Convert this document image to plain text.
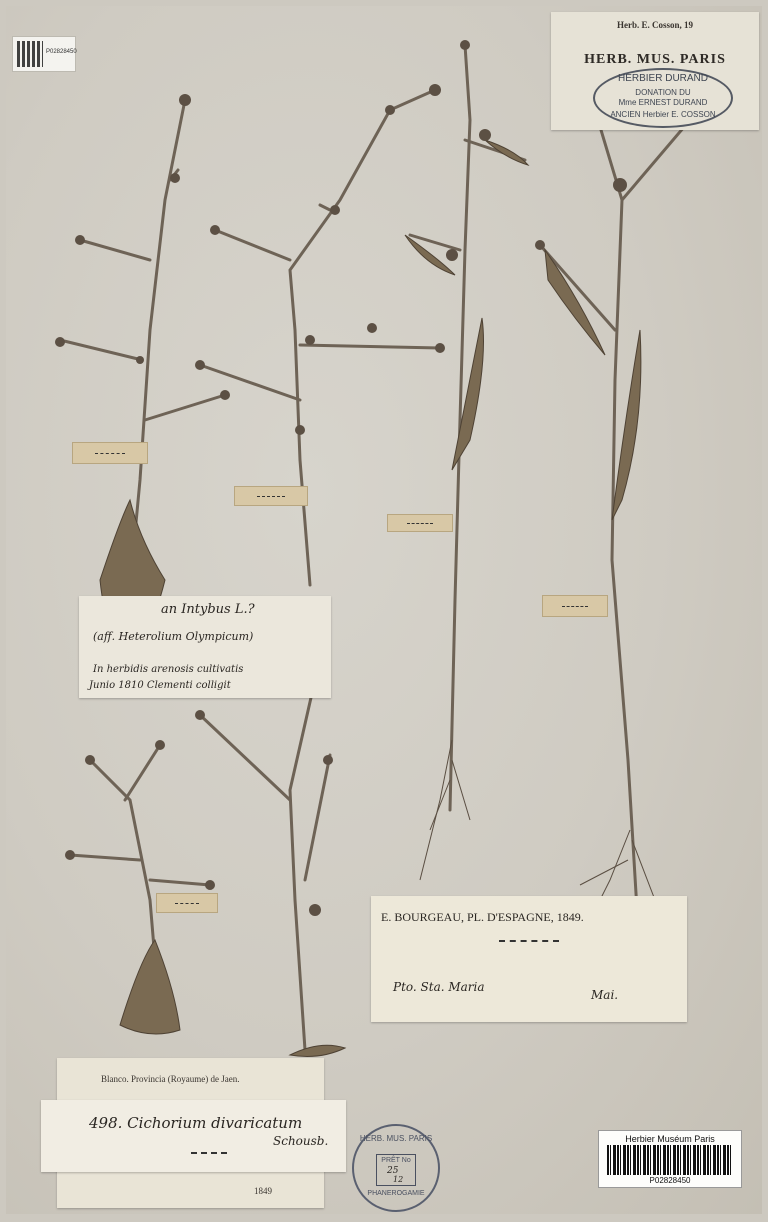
P02828450
Herb. E. Cosson, 19
HERB. MUS. PARIS
HERBIER DURAND
DONATION DU
Mme ERNEST DURAND
ANCIEN Herbier E. COSSON
an Intybus L.?
(aff. Heterolium Olympicum)
In herbidis arenosis cultivatis
Junio 1810 Clementi colligit
E. BOURGEAU, PL. D'ESPAGNE, 1849.
Pto. Sta. Maria
Mai.
Blanco. Provincia (Royaume) de Jaen.
1849
498. Cichorium divaricatum
Schousb.	HERB. MUS. PARIS
PRÊT No
25
12
PHANEROGAMIE
Herbier Muséum Paris
P02828450
